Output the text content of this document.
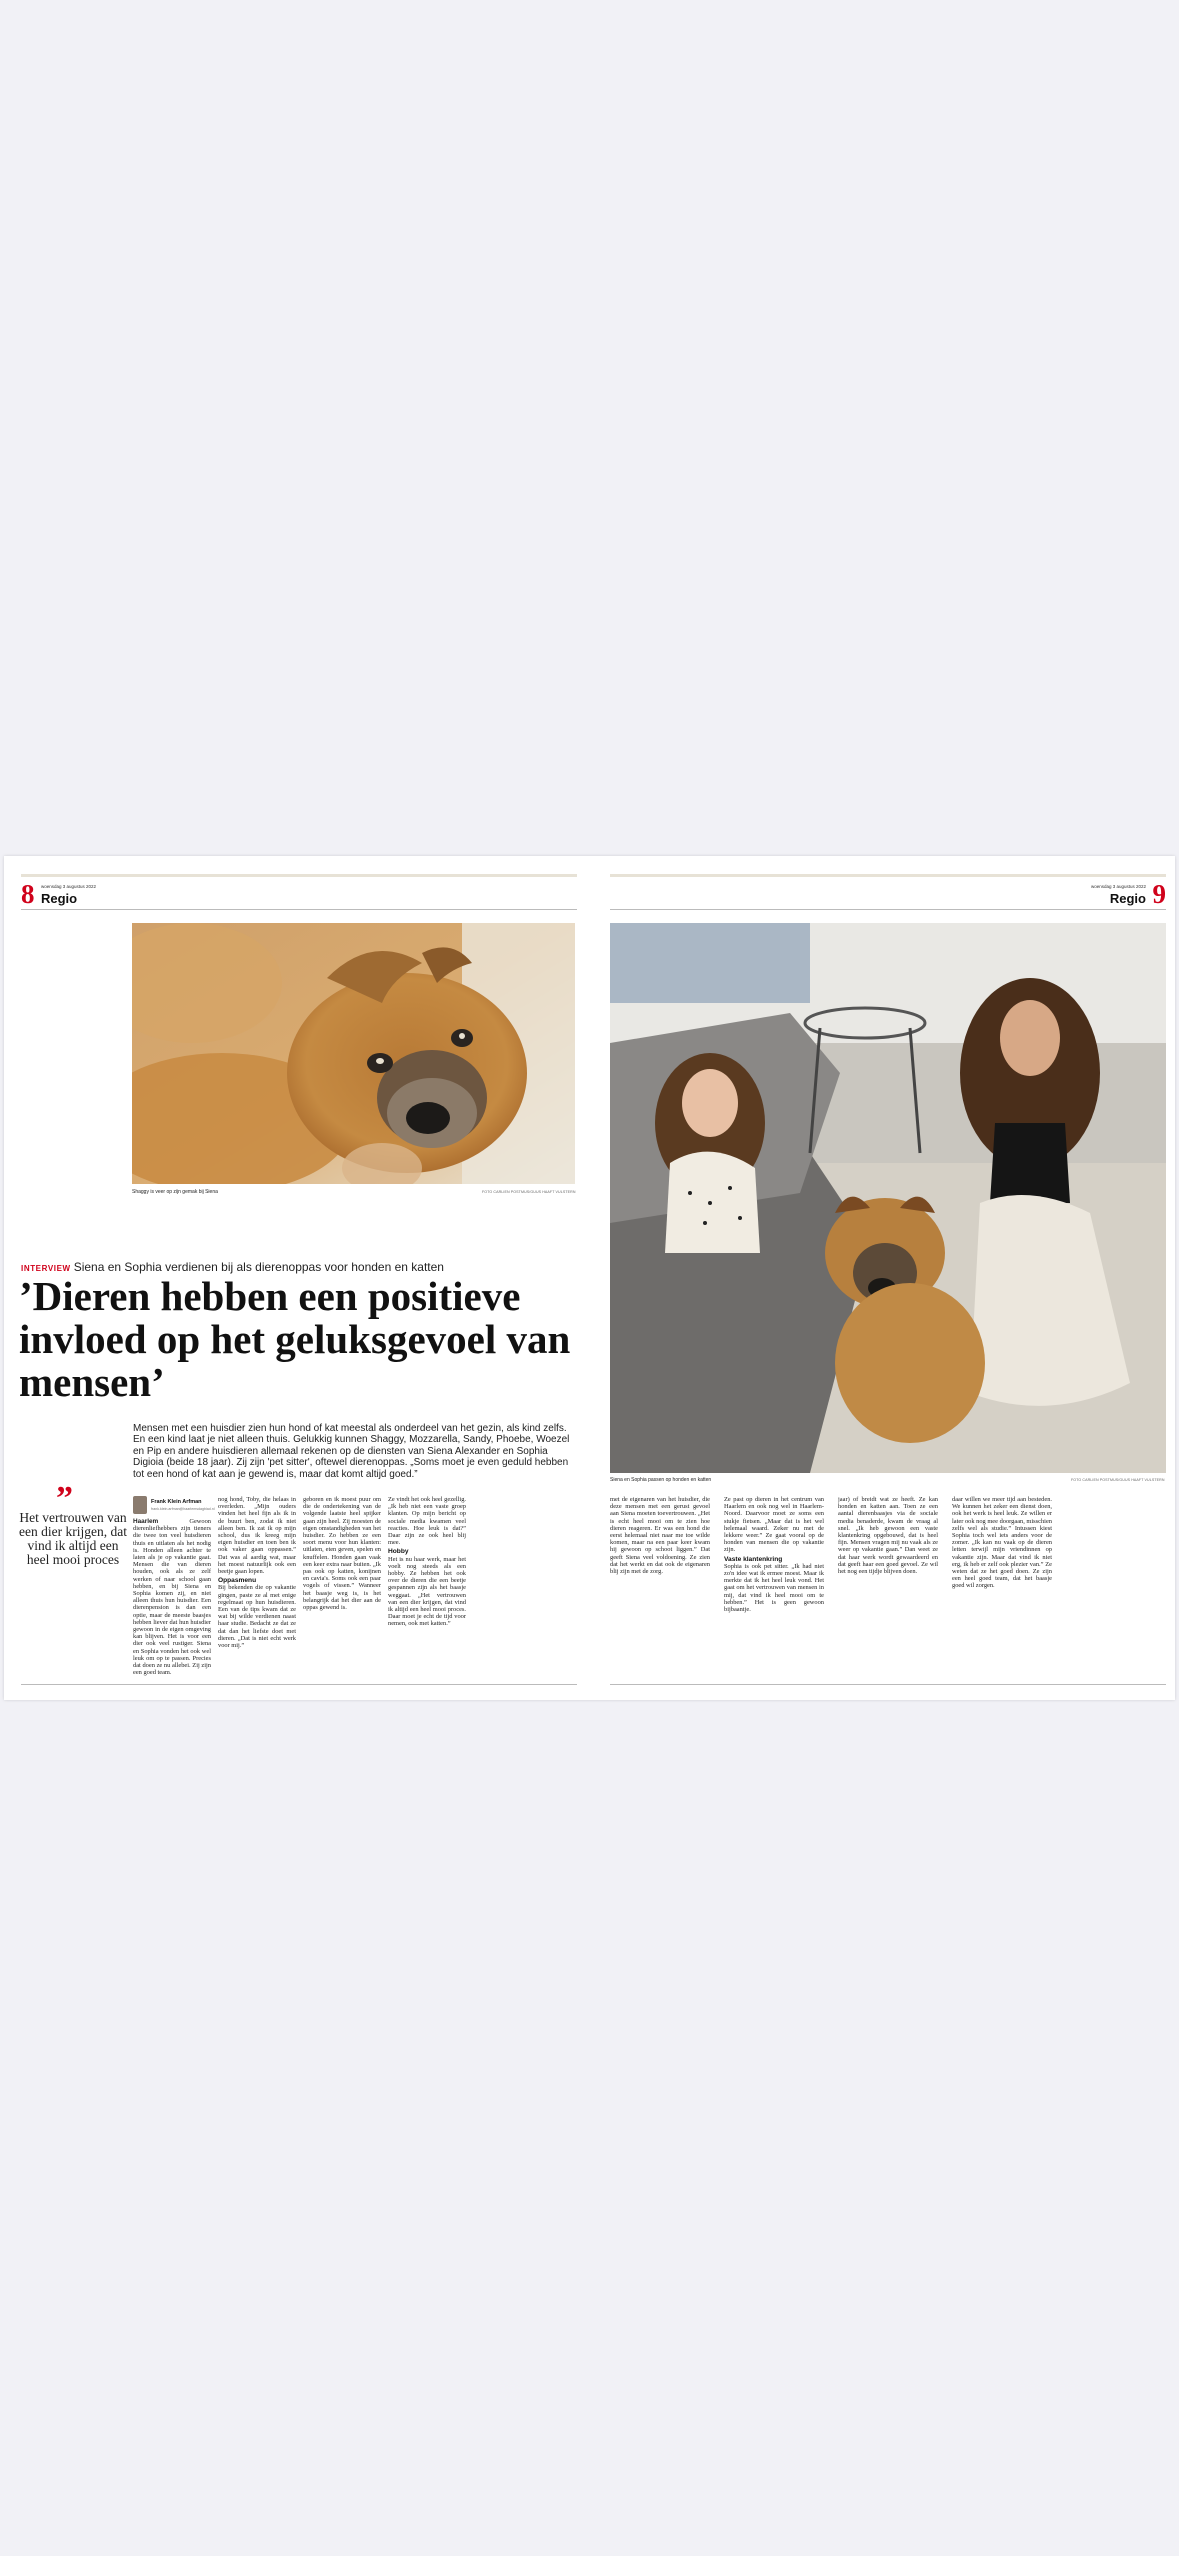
8 woensdag 3 augustus 2022
Regio
Shaggy is veer op zijn gemak bij Siena	FOTO CARLIEN POSTMUS/GUUS HAAFT VULSTERN
INTERVIEW Siena en Sophia verdienen bij als dierenoppas voor honden en katten
’Dieren hebben een positieve invloed op het geluksgevoel van mensen’

Mensen met een huisdier zien hun hond of kat meestal als onderdeel van het gezin, als kind zelfs. En een kind laat je niet alleen thuis. Gelukkig kunnen Shaggy, Mozzarella, Sandy, Phoebe, Woezel en Pip en andere huisdieren allemaal rekenen op de diensten van Siena Alexander en Sophia Digioia (beide 18 jaar). Zij zijn 'pet sitter', oftewel dierenoppas. „Soms moet je even geduld hebben tot een hond of kat aan je gewend is, maar dat komt altijd goed.”

”

Het vertrouwen van een dier krijgen, dat vind ik altijd een heel mooi proces

Frank Klein Arfman
frank.klein.arfman@haarlemsdagblad.nl

Haarlem	Gewoon dierenliefhebbers zijn tieners die twee ton veel huisdieren thuis en uitlaten als het nodig is. Honden alleen achter te laten als je op vakantie gaat. Mensen die van dieren houden, ook als ze zelf werken of naar school gaan hebben, en bij Siena en Sophia komen zij, en niet alleen thuis hun huisdier. Een dierenpension is dan een optie, maar de meeste baasjes hebben liever dat hun huisdier gewoon in de eigen omgeving kan blijven. Het is voor een dier ook veel rustiger. Siena en Sophia vonden het ook wel leuk om op te passen. Precies dat doen ze nu allebei. Zij zijn een goed team.

nog hond, Toby, die helaas in overleden. „Mijn ouders vinden het heel fijn als ik in de buurt ben, zodat ik niet alleen ben. Ik zat ik op mijn school, dus ik kreeg mijn eigen huisdier en toen ben ik ook vaker gaan oppassen.” Dat was al aardig wat, maar het moest natuurlijk ook een beetje gaan lopen.
Oppasmenu
Bij bekenden die op vakantie gingen, paste ze al met enige regelmaat op hun huisdieren. Een van de tips kwam dat ze wat bij wilde verdienen naast haar studie. Bedacht ze dat ze dat dan het liefste doet met dieren. „Dat is niet echt werk voor mij.”

geboren en ik moest puur om die de ondertekening van de volgende laatste heel spijker gaan zijn heel. Zij moesten de eigen omstandigheden van het huisdier. Zo hebben ze een soort menu voor hun klanten: uitlaten, eten geven, spelen en knuffelen. Honden gaan vaak een keer extra naar buiten. „Ik pas ook op katten, konijnen en cavia's. Soms ook een paar vogels of vissen.” Wanneer het baasje weg is, is het belangrijk dat het dier aan de oppas gewend is.

Ze vindt het ook heel gezellig. „Ik heb niet een vaste groep klanten. Op mijn bericht op sociale media kwamen veel reacties. Hoe leuk is dat?” Daar zijn ze ook heel blij mee.
Hobby
Het is nu haar werk, maar het voelt nog steeds als een hobby. Ze hebben het ook over de dieren die een beetje gespannen zijn als het baasje weggaat. „Het vertrouwen van een dier krijgen, dat vind ik altijd een heel mooi proces. Daar moet je echt de tijd voor nemen, ook met katten.”

woensdag 3 augustus 2022
Regio 9
Siena en Sophia passen op honden en katten	FOTO CARLIEN POSTMUS/GUUS HAAFT VULSTERN

met de eigenaren van het huisdier, die deze mensen met een gerust gevoel aan Siena moeten toevertrouwen. „Het is echt heel mooi om te zien hoe dieren reageren. Er was een hond die eerst helemaal niet naar me toe wilde komen, maar na een paar keer kwam hij gewoon op schoot liggen.” Dat geeft Siena veel voldoening. Ze zien dat het werkt en dat ook de eigenaren blij zijn met de zorg.

Ze past op dieren in het centrum van Haarlem en ook nog wel in Haarlem-Noord. Daarvoor moet ze soms een stukje fietsen. „Maar dat is het wel helemaal waard. Zeker nu met de lekkere weer.” Ze gaat vooral op de honden van mensen die op vakantie zijn.
Vaste klantenkring
Sophia is ook pet sitter. „Ik had niet zo'n idee wat ik ermee moest. Maar ik merkte dat ik het heel leuk vond. Het gaat om het vertrouwen van mensen in mij, dat vind ik heel mooi om te hebben.” Het is geen gewoon bijbaantje.

jaar) of breidt wat ze heeft. Ze kan honden en katten aan. Toen ze een aantal dierenbaasjes via de sociale media benaderde, kwam de vraag al snel. „Ik heb gewoon een vaste klantenkring opgebouwd, dat is heel fijn. Mensen vragen mij nu vaak als ze weer op vakantie gaan.” Dan weet ze dat haar werk wordt gewaardeerd en dat geeft haar een goed gevoel. Ze wil het nog een tijdje blijven doen.

daar willen we meer tijd aan besteden. We kunnen het zeker een dienst doen, ook het werk is heel leuk. Ze willen er later ook nog mee doorgaan, misschien zelfs wel als studie.” Intussen kiest Sophia toch wel iets anders voor de zomer. „Ik kan nu vaak op de dieren letten terwijl mijn vriendinnen op vakantie zijn. Maar dat vind ik niet erg, ik heb er zelf ook plezier van.” Ze weten dat ze het goed doen. Ze zijn een heel goed team, dat het baasje goed wil zorgen.
